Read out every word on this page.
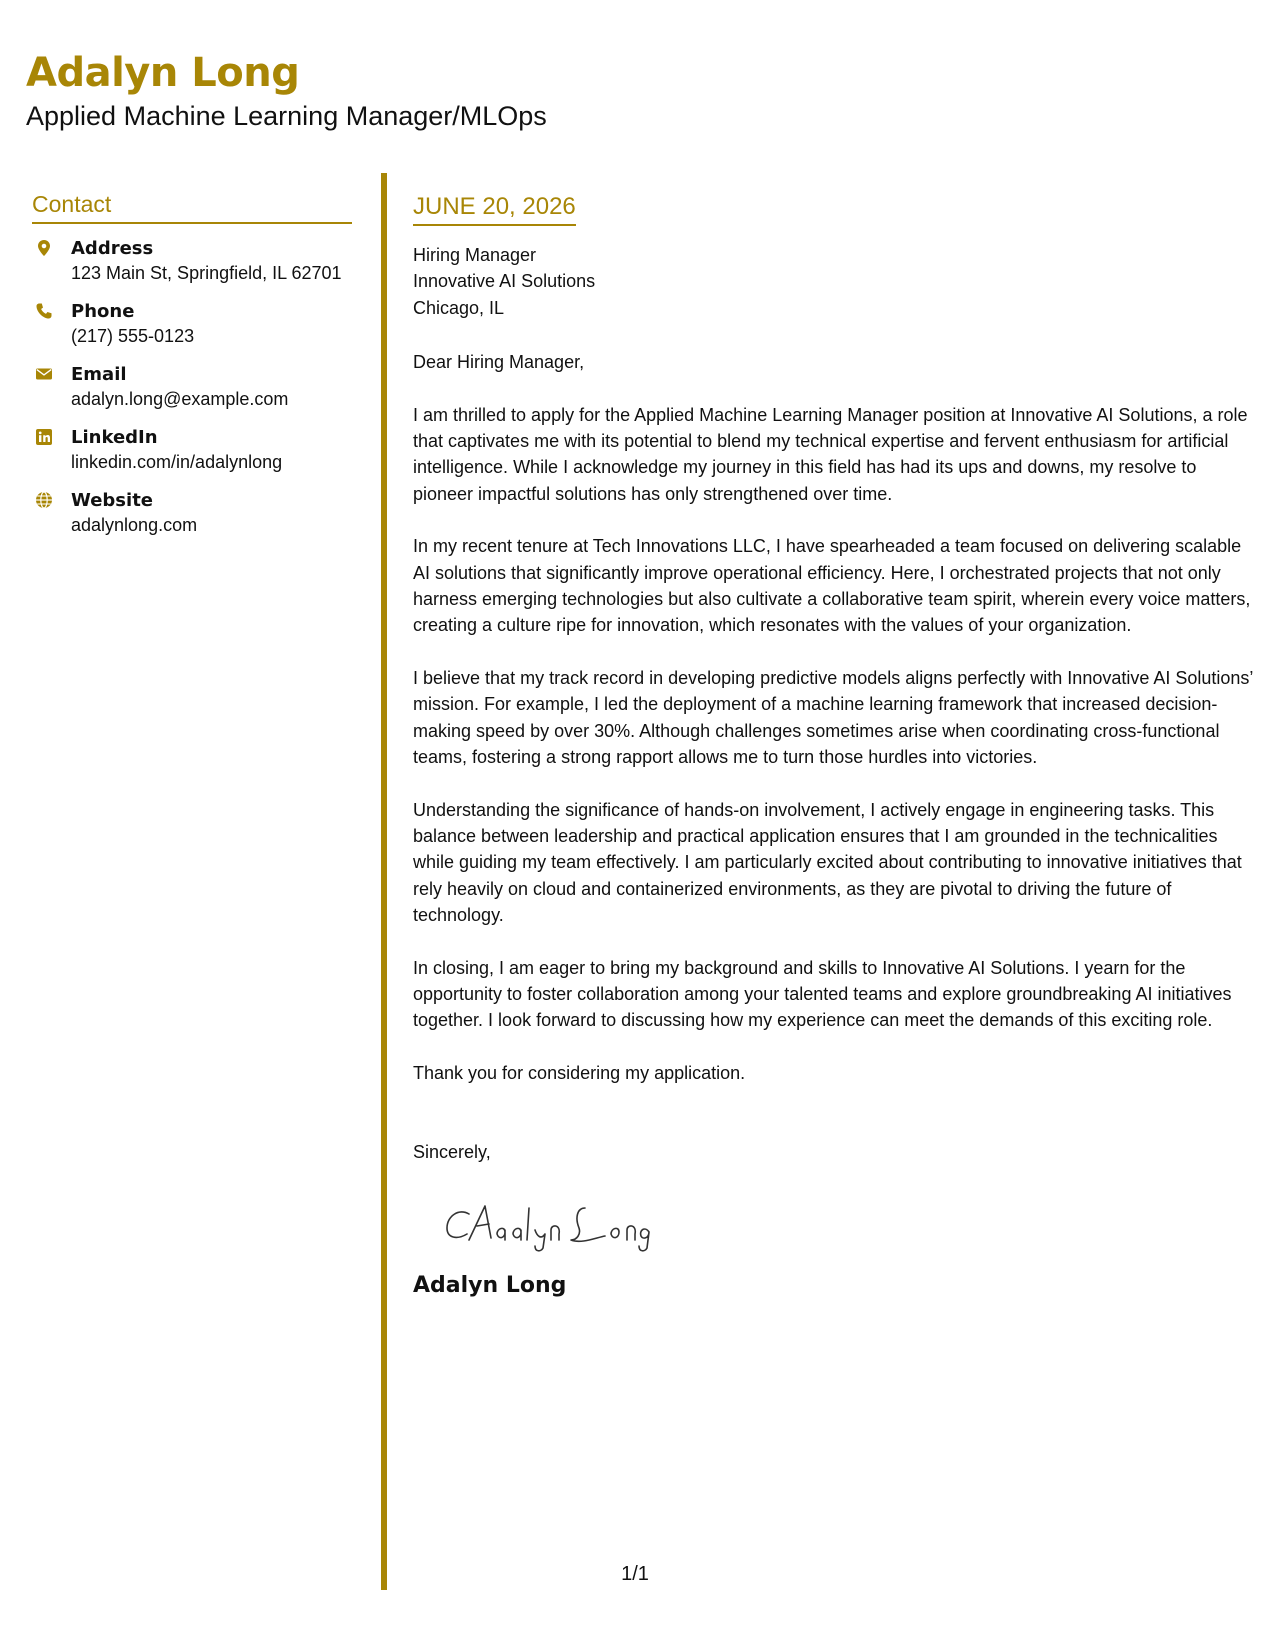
Adalyn Long
Applied Machine Learning Manager/MLOps
Contact
Address
123 Main St, Springfield, IL 62701
Phone
(217) 555-0123
Email
adalyn.long@example.com
LinkedIn
linkedin.com/in/adalynlong
Website
adalynlong.com
JUNE 20, 2026
Hiring Manager
Innovative AI Solutions
Chicago, IL
Dear Hiring Manager,

I am thrilled to apply for the Applied Machine Learning Manager position at Innovative AI Solutions, a role that captivates me with its potential to blend my technical expertise and fervent enthusiasm for artificial intelligence. While I acknowledge my journey in this field has had its ups and downs, my resolve to pioneer impactful solutions has only strengthened over time.

In my recent tenure at Tech Innovations LLC, I have spearheaded a team focused on delivering scalable AI solutions that significantly improve operational efficiency. Here, I orchestrated projects that not only harness emerging technologies but also cultivate a collaborative team spirit, wherein every voice matters, creating a culture ripe for innovation, which resonates with the values of your organization.

I believe that my track record in developing predictive models aligns perfectly with Innovative AI Solutions’ mission. For example, I led the deployment of a machine learning framework that increased decision-making speed by over 30%. Although challenges sometimes arise when coordinating cross-functional teams, fostering a strong rapport allows me to turn those hurdles into victories.

Understanding the significance of hands-on involvement, I actively engage in engineering tasks. This balance between leadership and practical application ensures that I am grounded in the technicalities while guiding my team effectively. I am particularly excited about contributing to innovative initiatives that rely heavily on cloud and containerized environments, as they are pivotal to driving the future of technology.

In closing, I am eager to bring my background and skills to Innovative AI Solutions. I yearn for the opportunity to foster collaboration among your talented teams and explore groundbreaking AI initiatives together. I look forward to discussing how my experience can meet the demands of this exciting role.

Thank you for considering my application.
Sincerely,
Adalyn Long
1/1
